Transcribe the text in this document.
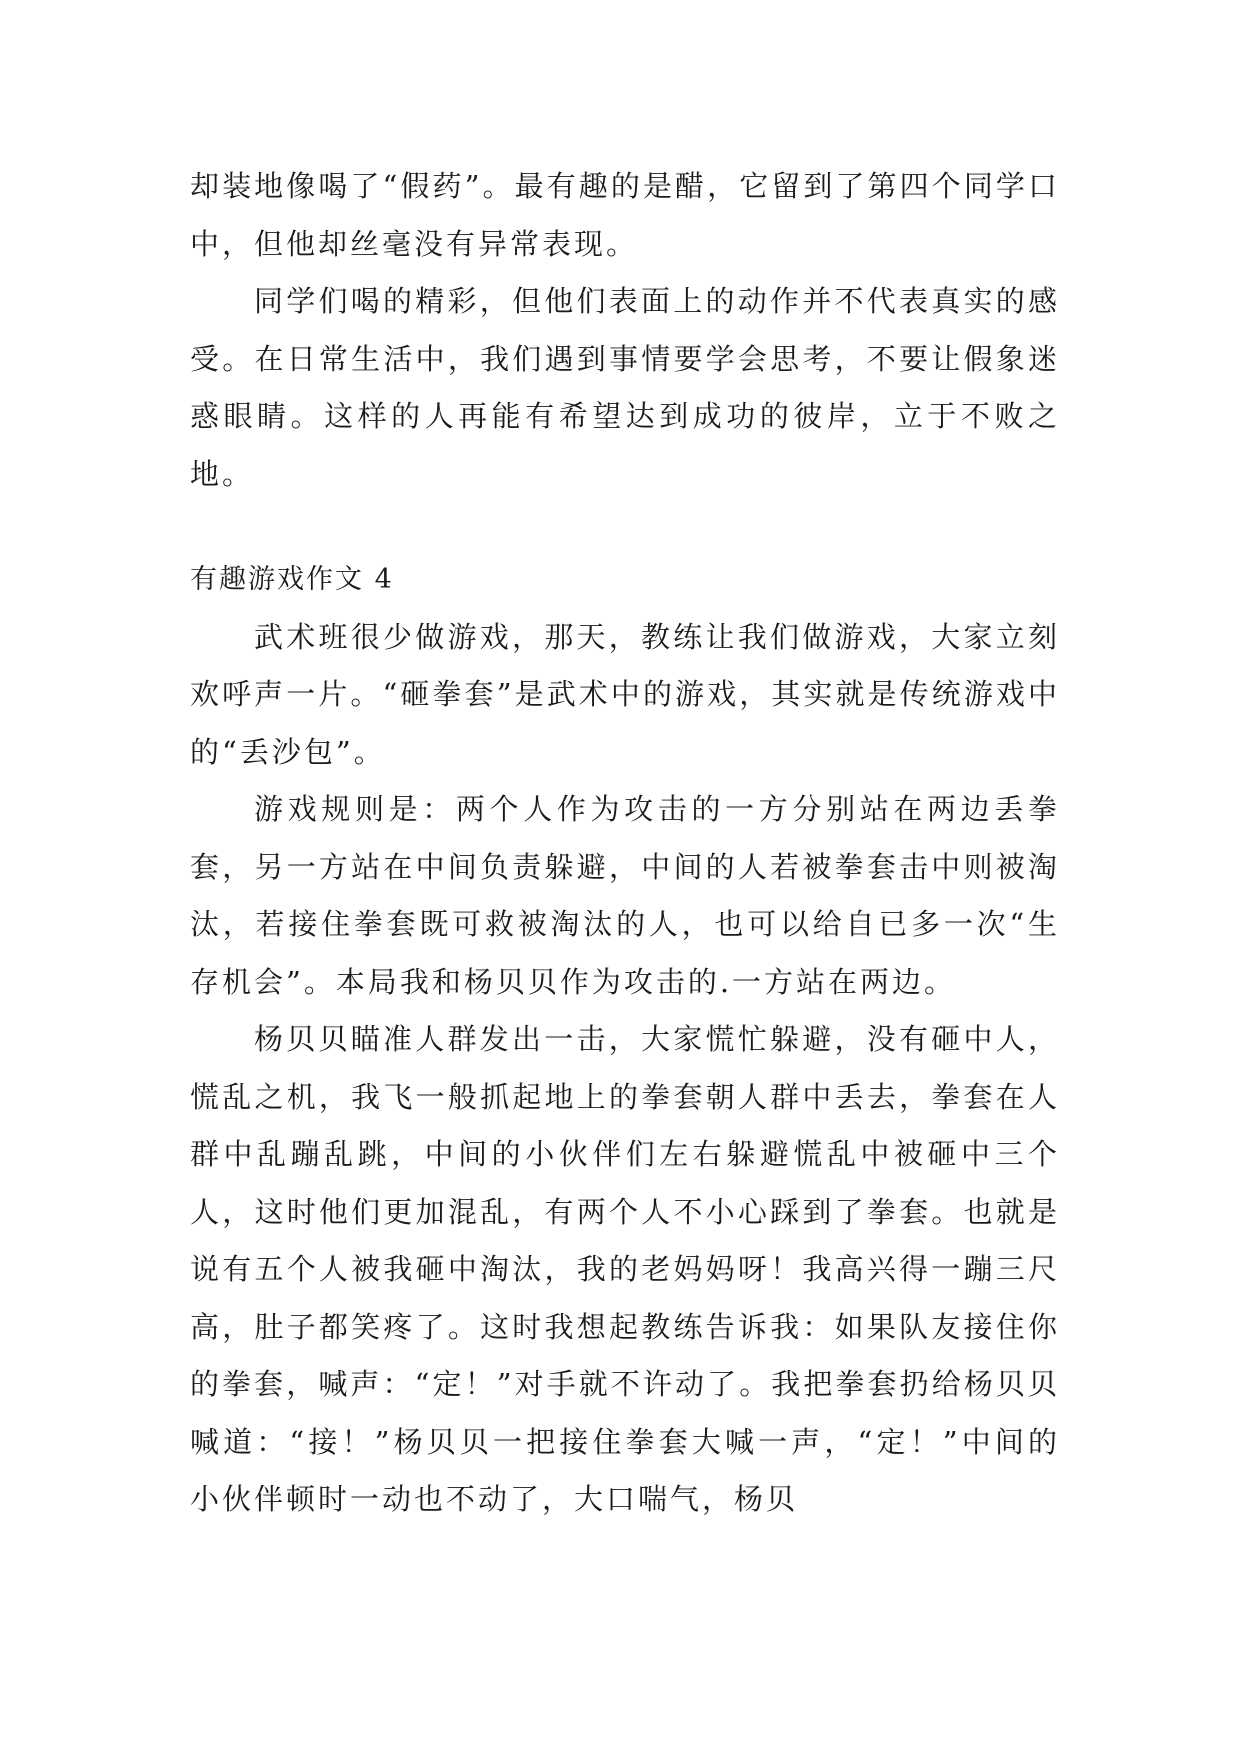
却装地像喝了“假药”。最有趣的是醋，它留到了第四个同学口中，但他却丝毫没有异常表现。

同学们喝的精彩，但他们表面上的动作并不代表真实的感受。在日常生活中，我们遇到事情要学会思考，不要让假象迷惑眼睛。这样的人再能有希望达到成功的彼岸，立于不败之地。

有趣游戏作文 4

武术班很少做游戏，那天，教练让我们做游戏，大家立刻欢呼声一片。“砸拳套”是武术中的游戏，其实就是传统游戏中的“丢沙包”。

游戏规则是：两个人作为攻击的一方分别站在两边丢拳套，另一方站在中间负责躲避，中间的人若被拳套击中则被淘汰，若接住拳套既可救被淘汰的人，也可以给自已多一次“生存机会”。本局我和杨贝贝作为攻击的.一方站在两边。

杨贝贝瞄准人群发出一击，大家慌忙躲避，没有砸中人，慌乱之机，我飞一般抓起地上的拳套朝人群中丢去，拳套在人群中乱蹦乱跳，中间的小伙伴们左右躲避慌乱中被砸中三个人，这时他们更加混乱，有两个人不小心踩到了拳套。也就是说有五个人被我砸中淘汰，我的老妈妈呀！我高兴得一蹦三尺高，肚子都笑疼了。这时我想起教练告诉我：如果队友接住你的拳套，喊声：“定！”对手就不许动了。我把拳套扔给杨贝贝喊道：“接！”杨贝贝一把接住拳套大喊一声，“定！”中间的小伙伴顿时一动也不动了，大口喘气，杨贝
